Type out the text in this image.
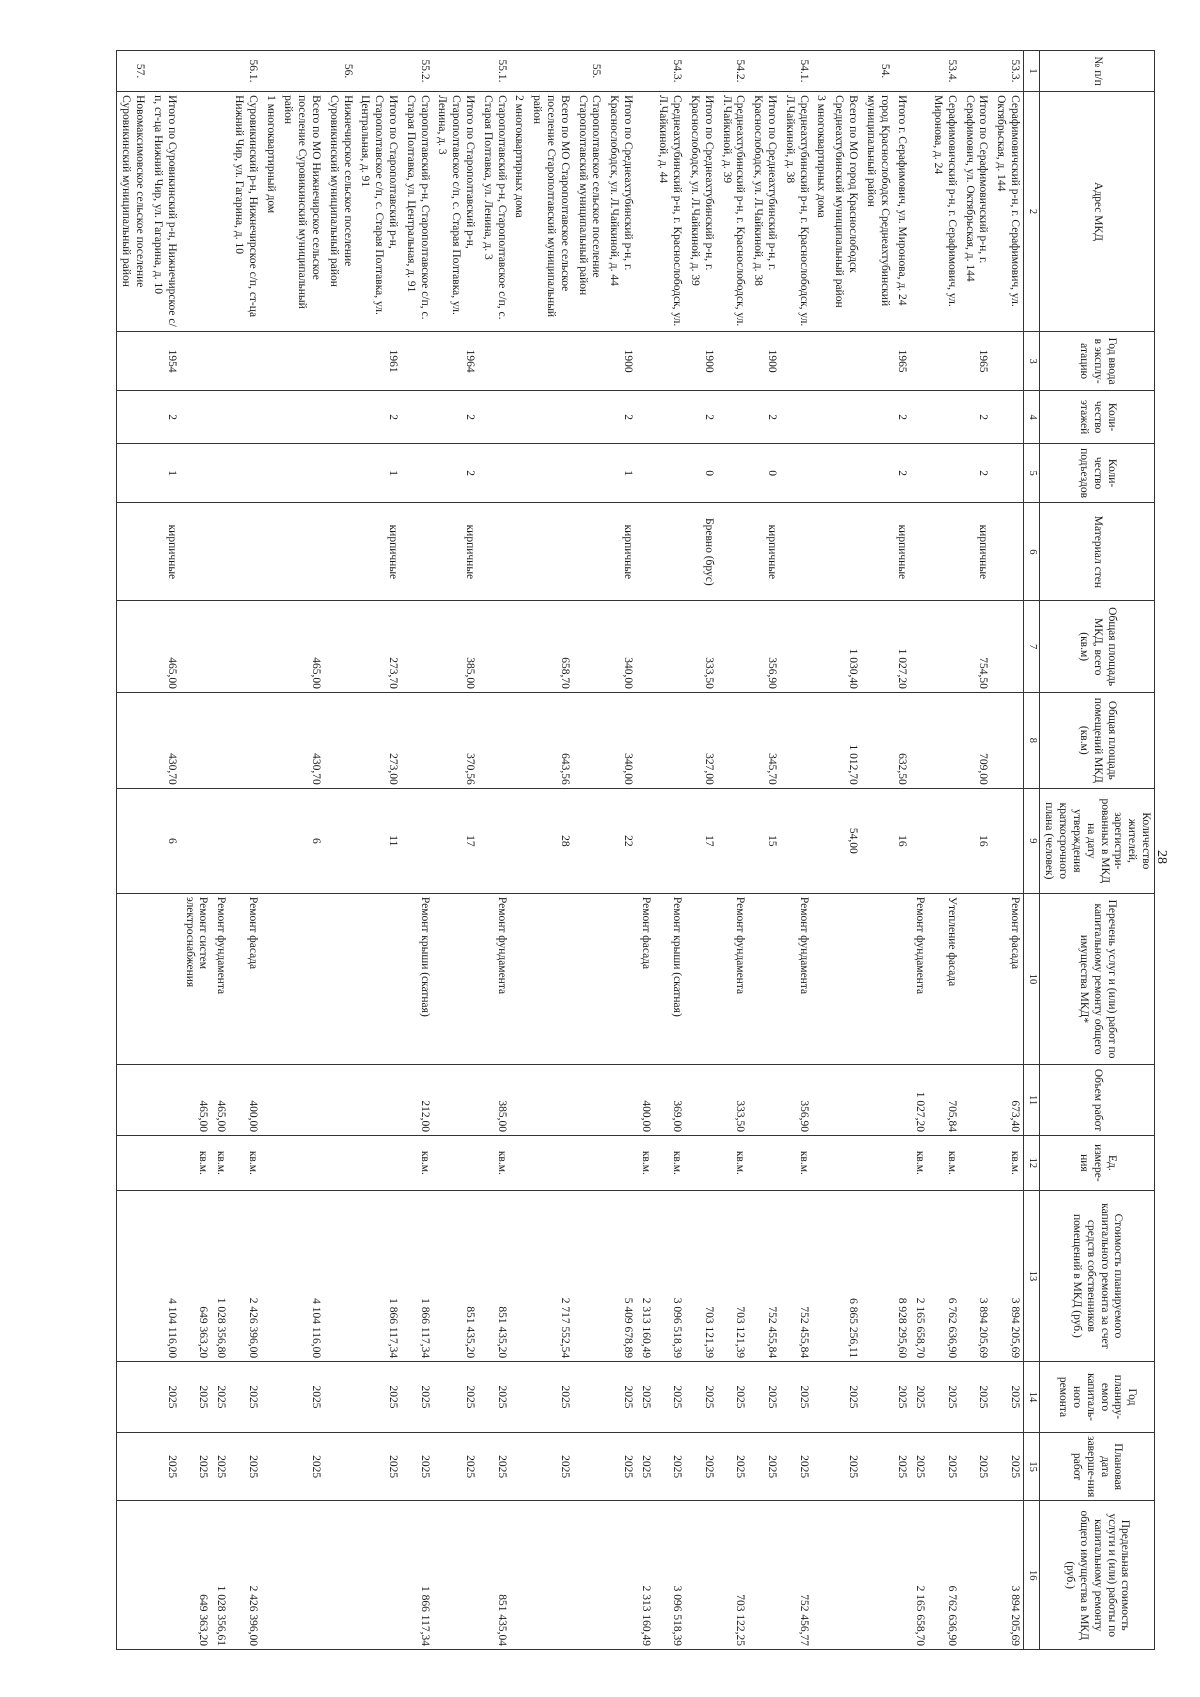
28
№ п/п	Адрес МКД	Год ввода в эксплу-атацию	Коли-чество этажей	Коли-чество подъездов	Материал стен	Общая площадь МКД, всего (кв.м)	Общая площадь помещений МКД (кв.м)	Количество жителей, зарегистри-рованных в МКД на дату утверждения краткосрочного плана (человек)	Перечень услуг и (или) работ по капитальному ремонту общего имущества МКД*	Объем работ	Ед. измере-ния	Стоимость планируемого капитального ремонта за счет средств собственников помещений в МКД (руб.)	Год планиру-емого капиталь-ного ремонта	Плановая дата заверше-ния работ	Предельная стоимость услуги и (или) работы по капитальному ремонту общего имущества в МКД (руб.)
1	2	3	4	5	6	7	8	9	10	11	12	13	14	15	16
53.3.	Серафимовичский р-н, г. Серафимович, ул. Октябрьская, д. 144								Ремонт фасада	673,40	кв.м.	3 894 205,69	2025	2025	3 894 205,69
	Итого по Серафимовичский р-н, г. Серафимович, ул. Октябрьская, д. 144	1965	2	2	кирпичные	754,50	709,00	16				3 894 205,69	2025	2025	
53.4.	Серафимовичский р-н, г. Серафимович, ул. Миронова, д. 24								Утепление фасада	705,84	кв.м.	6 762 636,90	2025	2025	6 762 636,90
									Ремонт фундамента	1 027,20	кв.м.	2 165 658,70	2025	2025	2 165 658,70
	Итого г. Серафимович, ул. Миронова, д. 24	1965	2	2	кирпичные	1 027,20	632,50	16				8 928 295,60	2025	2025	
54.	город Краснослободск Среднеахтубинский муниципальный район														
	Всего по МО город Краснослободск Среднеахтубинский муниципальный район					1 030,40	1 012,70	54,00				6 865 256,11	2025	2025	
	3 многоквартирных дома														
54.1.	Среднеахтубинский р-н, г. Краснослободск, ул. Л.Чайкиной, д. 38								Ремонт фундамента	356,90	кв.м.	752 455,84	2025	2025	752 456,77
	Итого по Среднеахтубинский р-н, г. Краснослободск, ул. Л.Чайкиной, д. 38	1900	2	0	кирпичные	356,90	345,70	15				752 455,84	2025	2025	
54.2.	Среднеахтубинский р-н, г. Краснослободск, ул. Л.Чайкиной, д. 39								Ремонт фундамента	333,50	кв.м.	703 121,39	2025	2025	703 122,25
	Итого по Среднеахтубинский р-н, г. Краснослободск, ул. Л.Чайкиной, д. 39	1900	2	0	Бревно (брус)	333,50	327,00	17				703 121,39	2025	2025	
54.3.	Среднеахтубинский р-н, г. Краснослободск, ул. Л.Чайкиной, д. 44								Ремонт крыши (скатная)	369,00	кв.м.	3 096 518,39	2025	2025	3 096 518,39
									Ремонт фасада	400,00	кв.м.	2 313 160,49	2025	2025	2 313 160,49
	Итого по Среднеахтубинский р-н, г. Краснослободск, ул. Л.Чайкиной, д. 44	1900	2	1	кирпичные	340,00	340,00	22				5 409 678,89	2025	2025	
55.	Старополтавское сельское поселение Старополтавский муниципальный район														
	Всего по МО Старополтавское сельское поселение Старополтавский муниципальный район					658,70	643,56	28				2 717 552,54	2025	2025	
	2 многоквартирных дома														
55.1.	Старополтавский р-н, Старополтавское с/п, с. Старая Полтавка, ул. Ленина, д. 3								Ремонт фундамента	385,00	кв.м.	851 435,20	2025	2025	851 435,04
	Итого по Старополтавский р-н, Старополтавское с/п, с. Старая Полтавка, ул. Ленина, д. 3	1964	2	2	кирпичные	385,00	370,56	17				851 435,20	2025	2025	
55.2.	Старополтавский р-н, Старополтавское с/п, с. Старая Полтавка, ул. Центральная, д. 91								Ремонт крыши (скатная)	212,00	кв.м.	1 866 117,34	2025	2025	1 866 117,34
	Итого по Старополтавский р-н, Старополтавское с/п, с. Старая Полтавка, ул. Центральная, д. 91	1961	2	1	кирпичные	273,70	273,00	11				1 866 117,34	2025	2025	
56.	Нижнечирское сельское поселение Суровикинский муниципальный район														
	Всего по МО Нижнечирское сельское поселение Суровикинский муниципальный район					465,00	430,70	6				4 104 116,00	2025	2025	
	1 многоквартирный дом														
56.1.	Суровикинский р-н, Нижнечирское с/п, ст-ца Нижний Чир, ул. Гагарина, д. 10								Ремонт фасада	400,00	кв.м.	2 426 396,00	2025	2025	2 426 396,00
									Ремонт фундамента	465,00	кв.м.	1 028 356,80	2025	2025	1 028 356,61
									Ремонт систем электроснабжения	465,00	кв.м.	649 363,20	2025	2025	649 363,20
	Итого по Суровикинский р-н, Нижнечирское с/п, ст-ца Нижний Чир, ул. Гагарина, д. 10	1954	2	1	кирпичные	465,00	430,70	6				4 104 116,00	2025	2025	
57.	Новомаксимовское сельское поселение Суровикинский муниципальный район														
